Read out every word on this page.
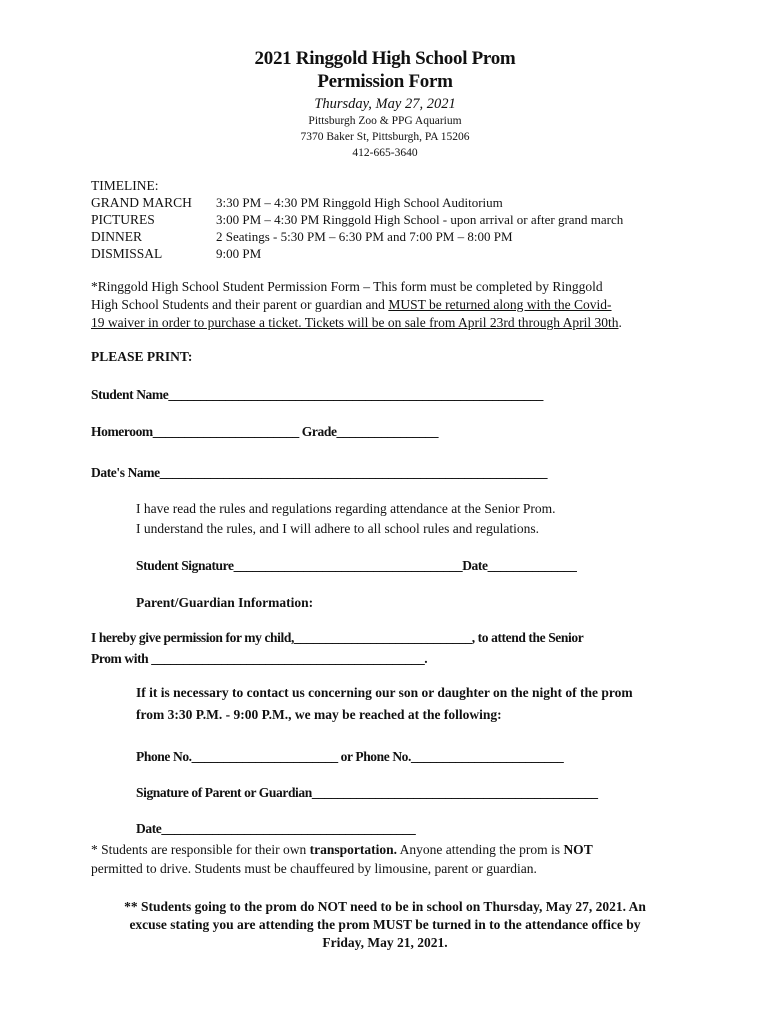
2021 Ringgold High School Prom
Permission Form
Thursday, May 27, 2021
Pittsburgh Zoo & PPG Aquarium
7370 Baker St, Pittsburgh, PA 15206
412-665-3640
TIMELINE:
GRAND MARCH 3:30 PM – 4:30 PM Ringgold High School Auditorium
PICTURES	3:00 PM – 4:30 PM Ringgold High School - upon arrival or after grand march
DINNER	2 Seatings - 5:30 PM – 6:30 PM and 7:00 PM – 8:00 PM
DISMISSAL	9:00 PM
*Ringgold High School Student Permission Form – This form must be completed by Ringgold
High School Students and their parent or guardian and MUST be returned along with the Covid-
19 waiver in order to purchase a ticket. Tickets will be on sale from April 23rd through April 30th.
PLEASE PRINT:
Student Name___________________________________________________________
Homeroom_______________________ Grade________________
Date's Name_____________________________________________________________
I have read the rules and regulations regarding attendance at the Senior Prom.
I understand the rules, and I will adhere to all school rules and regulations.
Student Signature____________________________________Date______________
Parent/Guardian Information:
I hereby give permission for my child,____________________________, to attend the Senior
Prom with ___________________________________________.
If it is necessary to contact us concerning our son or daughter on the night of the prom
from 3:30 P.M. - 9:00 P.M., we may be reached at the following:
Phone No._______________________ or Phone No.________________________
Signature of Parent or Guardian_____________________________________________
Date________________________________________
* Students are responsible for their own transportation. Anyone attending the prom is NOT
permitted to drive. Students must be chauffeured by limousine, parent or guardian.
** Students going to the prom do NOT need to be in school on Thursday, May 27, 2021. An
excuse stating you are attending the prom MUST be turned in to the attendance office by
Friday, May 21, 2021.
